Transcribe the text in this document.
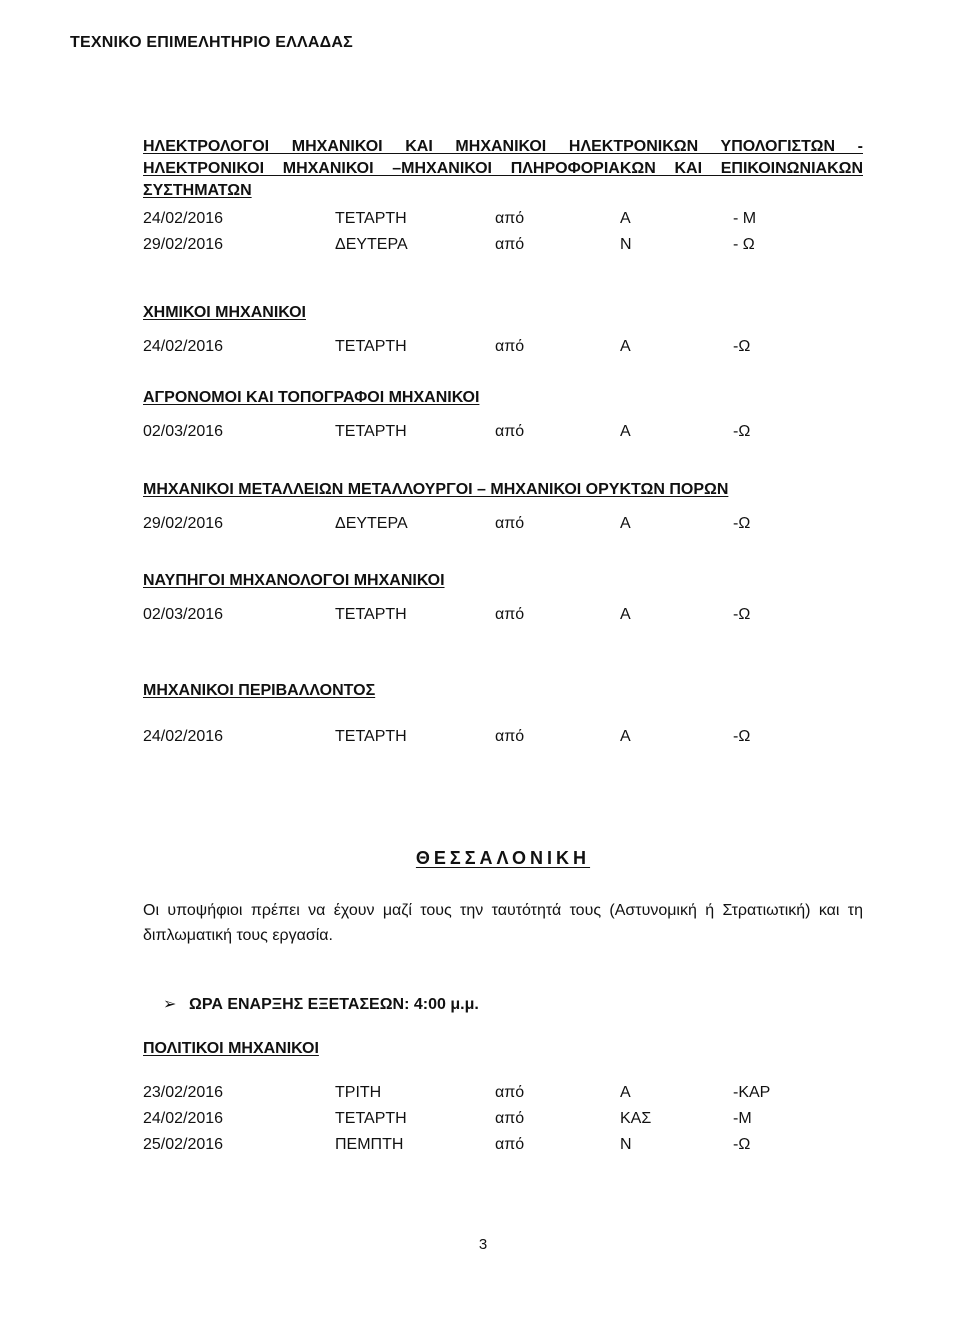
ΤΕΧΝΙΚΟ ΕΠΙΜΕΛΗΤΗΡΙΟ ΕΛΛΑΔΑΣ
ΗΛΕΚΤΡΟΛΟΓΟΙ ΜΗΧΑΝΙΚΟΙ ΚΑΙ ΜΗΧΑΝΙΚΟΙ ΗΛΕΚΤΡΟΝΙΚΩΝ ΥΠΟΛΟΓΙΣΤΩΝ - ΗΛΕΚΤΡΟΝΙΚΟΙ ΜΗΧΑΝΙΚΟΙ –ΜΗΧΑΝΙΚΟΙ ΠΛΗΡΟΦΟΡΙΑΚΩΝ ΚΑΙ ΕΠΙΚΟΙΝΩΝΙΑΚΩΝ ΣΥΣΤΗΜΑΤΩΝ
24/02/2016	ΤΕΤΑΡΤΗ	από	Α	- Μ
29/02/2016	ΔΕΥΤΕΡΑ	από	Ν	- Ω
ΧΗΜΙΚΟΙ ΜΗΧΑΝΙΚΟΙ
24/02/2016	ΤΕΤΑΡΤΗ	από	Α	-Ω
ΑΓΡΟΝΟΜΟΙ ΚΑΙ ΤΟΠΟΓΡΑΦΟΙ ΜΗΧΑΝΙΚΟΙ
02/03/2016	ΤΕΤΑΡΤΗ	από	Α	-Ω
ΜΗΧΑΝΙΚΟΙ ΜΕΤΑΛΛΕΙΩΝ ΜΕΤΑΛΛΟΥΡΓΟΙ – ΜΗΧΑΝΙΚΟΙ ΟΡΥΚΤΩΝ ΠΟΡΩΝ
29/02/2016	ΔΕΥΤΕΡΑ	από	Α	-Ω
ΝΑΥΠΗΓΟΙ ΜΗΧΑΝΟΛΟΓΟΙ ΜΗΧΑΝΙΚΟΙ
02/03/2016	ΤΕΤΑΡΤΗ	από	Α	-Ω
ΜΗΧΑΝΙΚΟΙ ΠΕΡΙΒΑΛΛΟΝΤΟΣ
24/02/2016	ΤΕΤΑΡΤΗ	από	Α	-Ω
ΘΕΣΣΑΛΟΝΙΚΗ
Οι υποψήφιοι πρέπει να έχουν μαζί τους την ταυτότητά τους (Αστυνομική ή Στρατιωτική) και τη διπλωματική τους εργασία.
➢ ΩΡΑ ΕΝΑΡΞΗΣ ΕΞΕΤΑΣΕΩΝ: 4:00 μ.μ.
ΠΟΛΙΤΙΚΟΙ ΜΗΧΑΝΙΚΟΙ
23/02/2016	ΤΡΙΤΗ	από	Α	-ΚΑΡ
24/02/2016	ΤΕΤΑΡΤΗ	από	ΚΑΣ	-Μ
25/02/2016	ΠΕΜΠΤΗ	από	Ν	-Ω
3
